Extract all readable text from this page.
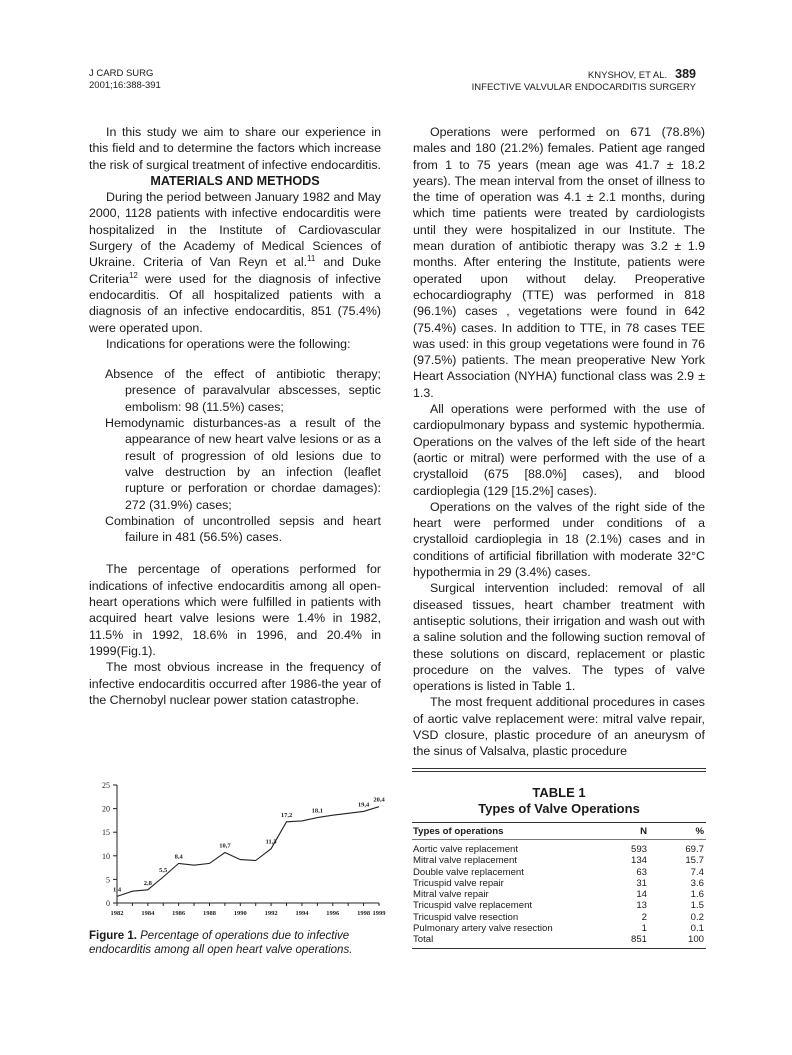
J CARD SURG
2001;16:388-391
KNYSHOV, ET AL. 389
INFECTIVE VALVULAR ENDOCARDITIS SURGERY

In this study we aim to share our experience in this field and to determine the factors which increase the risk of surgical treatment of infective endocarditis.

MATERIALS AND METHODS

During the period between January 1982 and May 2000, 1128 patients with infective endocarditis were hospitalized in the Institute of Cardiovascular Surgery of the Academy of Medical Sciences of Ukraine. Criteria of Van Reyn et al.$^{11}$ and Duke Criteria$^{12}$ were used for the diagnosis of infective endocarditis. Of all hospitalized patients with a diagnosis of an infective endocarditis, 851 (75.4%) were operated upon.

Indications for operations were the following:

Absence of the effect of antibiotic therapy; presence of paravalvular abscesses, septic embolism: 98 (11.5%) cases;

Hemodynamic disturbances-as a result of the appearance of new heart valve lesions or as a result of progression of old lesions due to valve destruction by an infection (leaflet rupture or perforation or chordae damages): 272 (31.9%) cases;

Combination of uncontrolled sepsis and heart failure in 481 (56.5%) cases.

The percentage of operations performed for indications of infective endocarditis among all open-heart operations which were fulfilled in patients with acquired heart valve lesions were 1.4% in 1982, 11.5% in 1992, 18.6% in 1996, and 20.4% in 1999(Fig.1).

The most obvious increase in the frequency of infective endocarditis occurred after 1986-the year of the Chernobyl nuclear power station catastrophe.

Operations were performed on 671 (78.8%) males and 180 (21.2%) females. Patient age ranged from 1 to 75 years (mean age was 41.7 ± 18.2 years). The mean interval from the onset of illness to the time of operation was 4.1 ± 2.1 months, during which time patients were treated by cardiologists until they were hospitalized in our Institute. The mean duration of antibiotic therapy was 3.2 ± 1.9 months. After entering the Institute, patients were operated upon without delay. Preoperative echocardiography (TTE) was performed in 818 (96.1%) cases , vegetations were found in 642 (75.4%) cases. In addition to TTE, in 78 cases TEE was used: in this group vegetations were found in 76 (97.5%) patients. The mean preoperative New York Heart Association (NYHA) functional class was 2.9 ± 1.3.

All operations were performed with the use of cardiopulmonary bypass and systemic hypothermia. Operations on the valves of the left side of the heart (aortic or mitral) were performed with the use of a crystalloid (675 [88.0%] cases), and blood cardioplegia (129 [15.2%] cases).

Operations on the valves of the right side of the heart were performed under conditions of a crystalloid cardioplegia in 18 (2.1%) cases and in conditions of artificial fibrillation with moderate 32°C hypothermia in 29 (3.4%) cases.

Surgical intervention included: removal of all diseased tissues, heart chamber treatment with antiseptic solutions, their irrigation and wash out with a saline solution and the following suction removal of these solutions on discard, replacement or plastic procedure on the valves. The types of valve operations is listed in Table 1.

The most frequent additional procedures in cases of aortic valve replacement were: mitral valve repair, VSD closure, plastic procedure of an aneurysm of the sinus of Valsalva, plastic procedure

0
5
10
15
20
25
1982	1984	1986	1988	1990	1992	1994	1996	1998 1999
1,4
2,8
5,5
8,4
10,7
11,5
17,2
18,1
19,4
20,4
Figure 1. Percentage of operations due to infective endocarditis among all open heart valve operations.
TABLE 1
Types of Valve Operations
Types of operations	N	%
Aortic valve replacement	593	69.7
Mitral valve replacement	134	15.7
Double valve replacement	63	7.4
Tricuspid valve repair	31	3.6
Mitral valve repair	14	1.6
Tricuspid valve replacement	13	1.5
Tricuspid valve resection	2	0.2
Pulmonary artery valve resection	1	0.1
Total	851	100
